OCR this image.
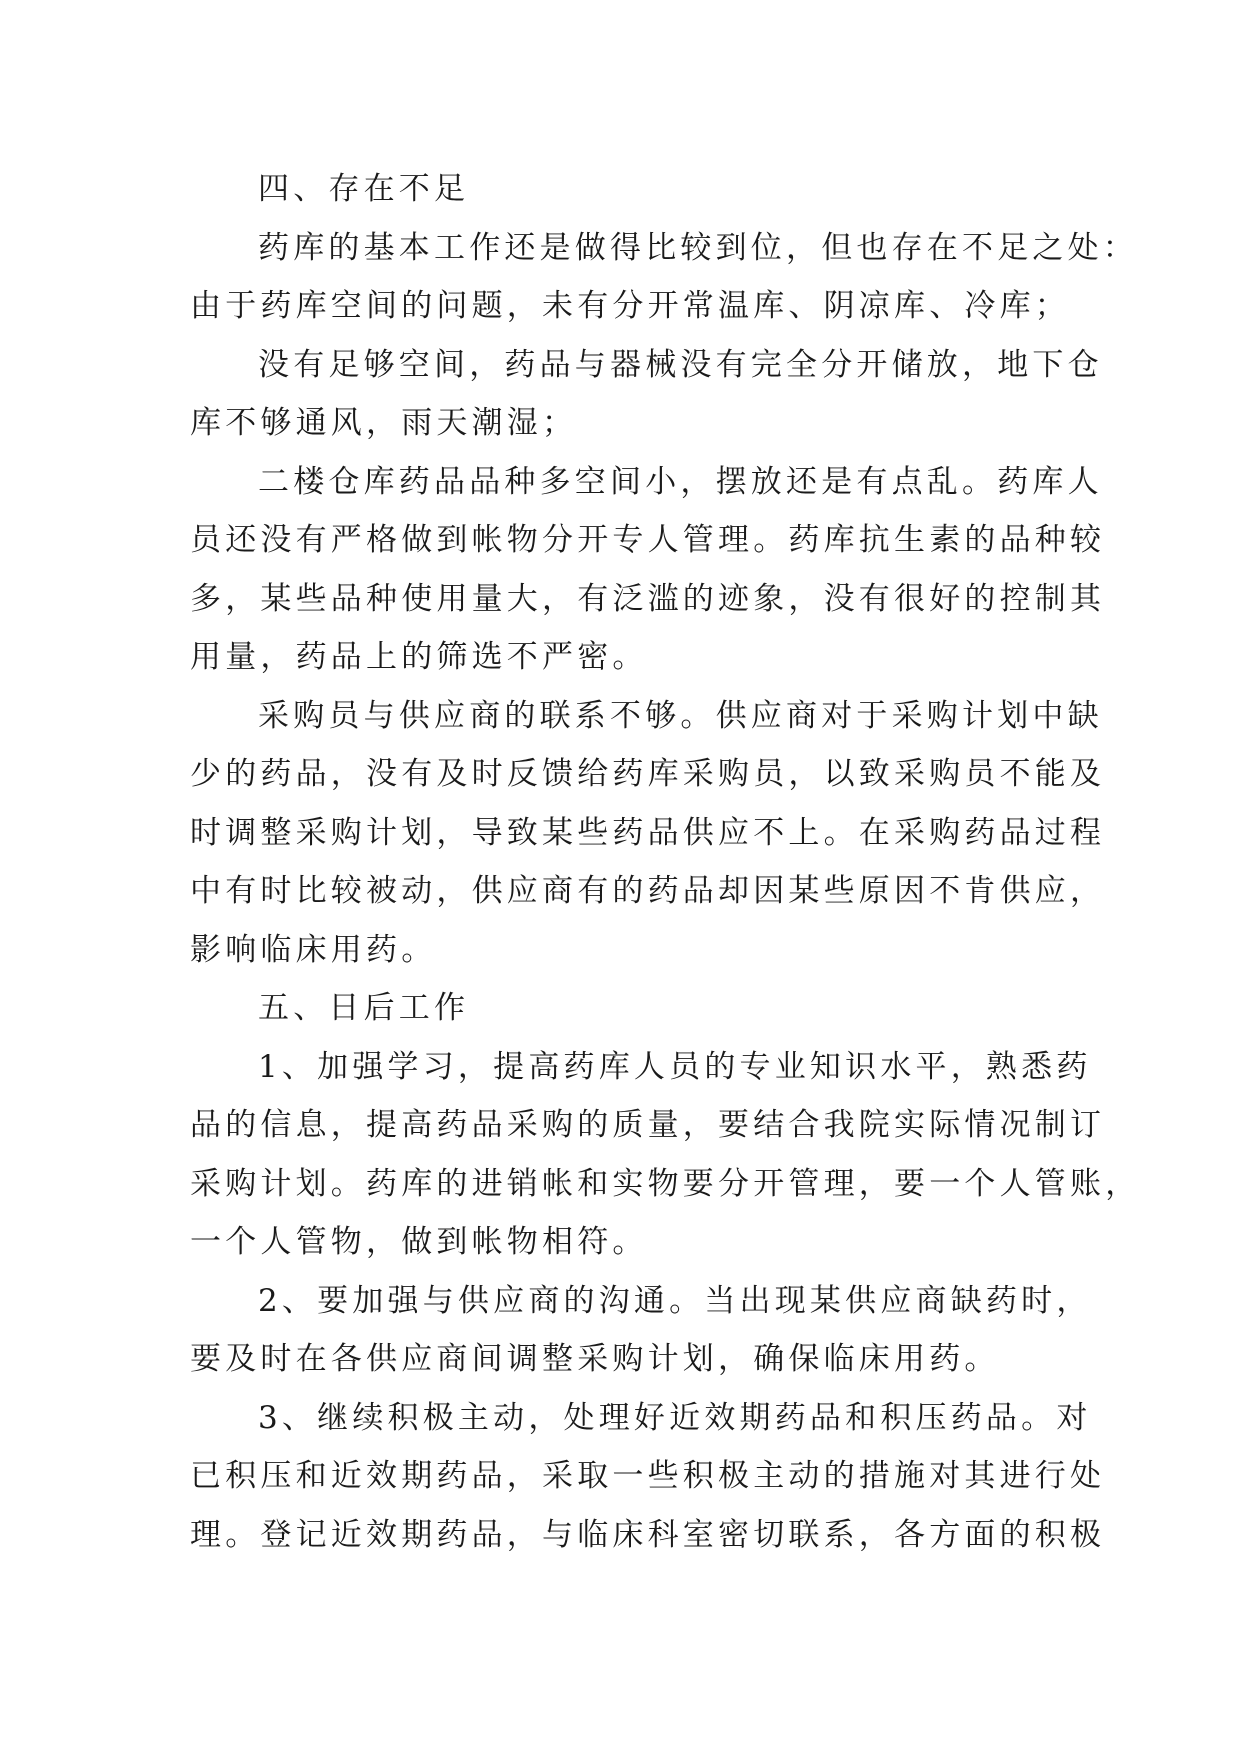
四、存在不足
药库的基本工作还是做得比较到位，但也存在不足之处：
由于药库空间的问题，未有分开常温库、阴凉库、冷库；
没有足够空间，药品与器械没有完全分开储放，地下仓
库不够通风，雨天潮湿；
二楼仓库药品品种多空间小，摆放还是有点乱。药库人
员还没有严格做到帐物分开专人管理。药库抗生素的品种较
多，某些品种使用量大，有泛滥的迹象，没有很好的控制其
用量，药品上的筛选不严密。
采购员与供应商的联系不够。供应商对于采购计划中缺
少的药品，没有及时反馈给药库采购员，以致采购员不能及
时调整采购计划，导致某些药品供应不上。在采购药品过程
中有时比较被动，供应商有的药品却因某些原因不肯供应，
影响临床用药。
五、日后工作
1、加强学习，提高药库人员的专业知识水平，熟悉药
品的信息，提高药品采购的质量，要结合我院实际情况制订
采购计划。药库的进销帐和实物要分开管理，要一个人管账，
一个人管物，做到帐物相符。
2、要加强与供应商的沟通。当出现某供应商缺药时，
要及时在各供应商间调整采购计划，确保临床用药。
3、继续积极主动，处理好近效期药品和积压药品。对
已积压和近效期药品，采取一些积极主动的措施对其进行处
理。登记近效期药品，与临床科室密切联系，各方面的积极
